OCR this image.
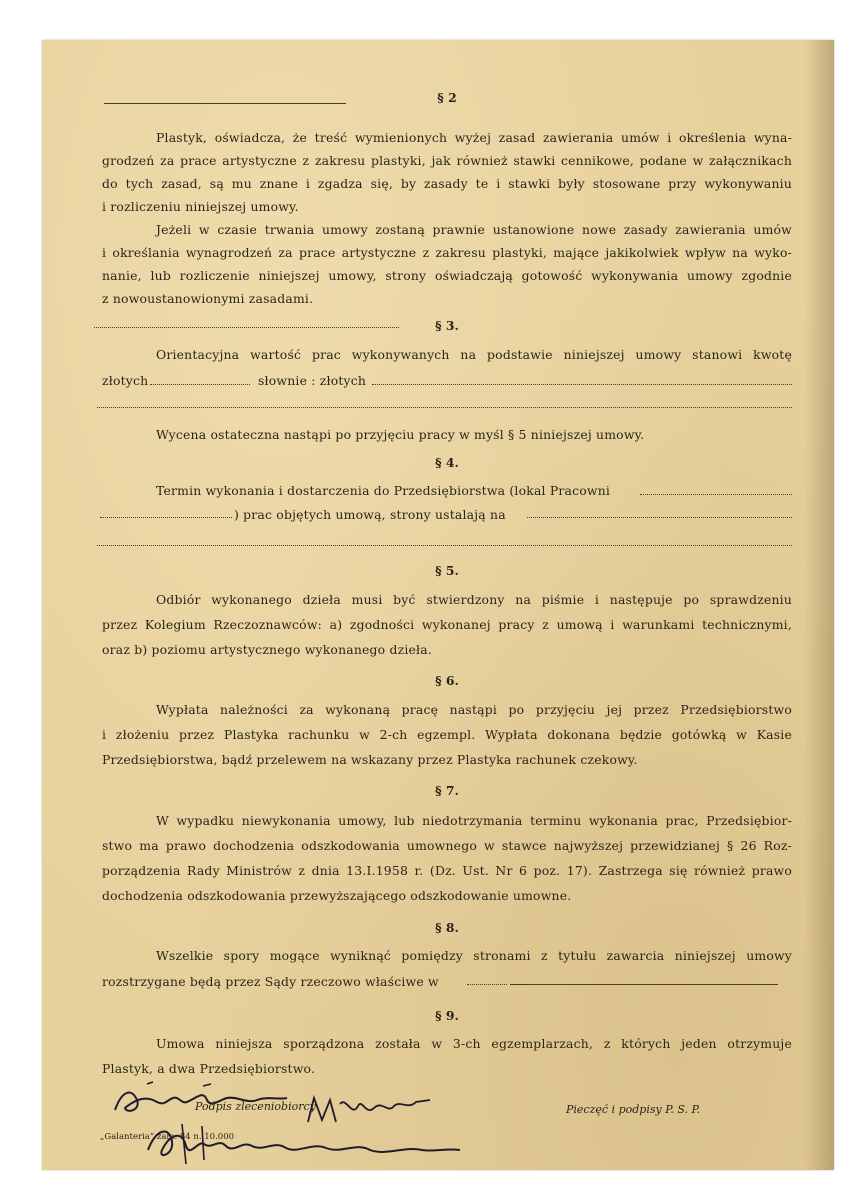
§ 2
Plastyk, oświadcza, że treść wymienionych wyżej zasad zawierania umów i określenia wyna-
grodzeń za prace artystyczne z zakresu plastyki, jak również stawki cennikowe, podane w załącznikach
do tych zasad, są mu znane i zgadza się, by zasady te i stawki były stosowane przy wykonywaniu
i rozliczeniu niniejszej umowy.
Jeżeli w czasie trwania umowy zostaną prawnie ustanowione nowe zasady zawierania umów
i określania wynagrodzeń za prace artystyczne z zakresu plastyki, mające jakikolwiek wpływ na wyko-
nanie, lub rozliczenie niniejszej umowy, strony oświadczają gotowość wykonywania umowy zgodnie
z nowoustanowionymi zasadami.
§ 3.
Orientacyjna wartość prac wykonywanych na podstawie niniejszej umowy stanowi kwotę
złotych	słownie : złotych
Wycena ostateczna nastąpi po przyjęciu pracy w myśl § 5 niniejszej umowy.
§ 4.
Termin wykonania i dostarczenia do Przedsiębiorstwa (lokal Pracowni
) prac objętych umową, strony ustalają na
§ 5.
Odbiór wykonanego dzieła musi być stwierdzony na piśmie i następuje po sprawdzeniu
przez Kolegium Rzeczoznawców: a) zgodności wykonanej pracy z umową i warunkami technicznymi,
oraz b) poziomu artystycznego wykonanego dzieła.
§ 6.
Wypłata należności za wykonaną pracę nastąpi po przyjęciu jej przez Przedsiębiorstwo
i złożeniu przez Plastyka rachunku w 2-ch egzempl. Wypłata dokonana będzie gotówką w Kasie
Przedsiębiorstwa, bądź przelewem na wskazany przez Plastyka rachunek czekowy.
§ 7.
W wypadku niewykonania umowy, lub niedotrzymania terminu wykonania prac, Przedsiębior-
stwo ma prawo dochodzenia odszkodowania umownego w stawce najwyższej przewidzianej § 26 Roz-
porządzenia Rady Ministrów z dnia 13.I.1958 r. (Dz. Ust. Nr 6 poz. 17). Zastrzega się również prawo
dochodzenia odszkodowania przewyższającego odszkodowanie umowne.
§ 8.
Wszelkie spory mogące wyniknąć pomiędzy stronami z tytułu zawarcia niniejszej umowy
rozstrzygane będą przez Sądy rzeczowo właściwe w
§ 9.
Umowa niniejsza sporządzona została w 3-ch egzemplarzach, z których jeden otrzymuje
Plastyk, a dwa Przedsiębiorstwo.
Podpis zleceniobiorcy	Pieczęć i podpisy P. S. P.
„Galanteria” zam. 84 n. 10.000
